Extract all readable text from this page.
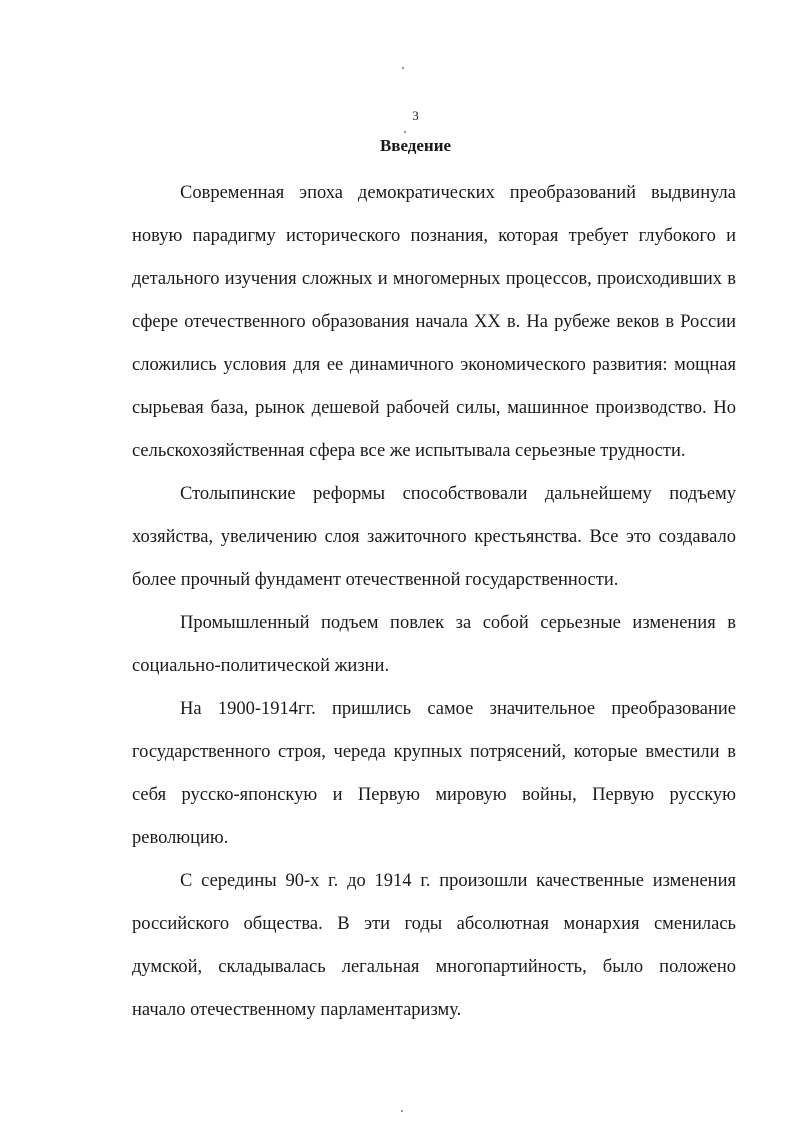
3
Введение

Современная эпоха демократических преобразований выдвинула новую парадигму исторического познания, которая требует глубокого и детального изучения сложных и многомерных процессов, происходивших в сфере отечественного образования начала XX в. На рубеже веков в России сложились условия для ее динамичного экономического развития: мощная сырьевая база, рынок дешевой рабочей силы, машинное производство. Но сельскохозяйственная сфера все же испытывала серьезные трудности.

Столыпинские реформы способствовали дальнейшему подъему хозяйства, увеличению слоя зажиточного крестьянства. Все это создавало более прочный фундамент отечественной государственности.

Промышленный подъем повлек за собой серьезные изменения в социально-политической жизни.

На 1900-1914гг. пришлись самое значительное преобразование государственного строя, череда крупных потрясений, которые вместили в себя русско-японскую и Первую мировую войны, Первую русскую революцию.

С середины 90-х г. до 1914 г. произошли качественные изменения российского общества. В эти годы абсолютная монархия сменилась думской, складывалась легальная многопартийность, было положено начало отечественному парламентаризму.
